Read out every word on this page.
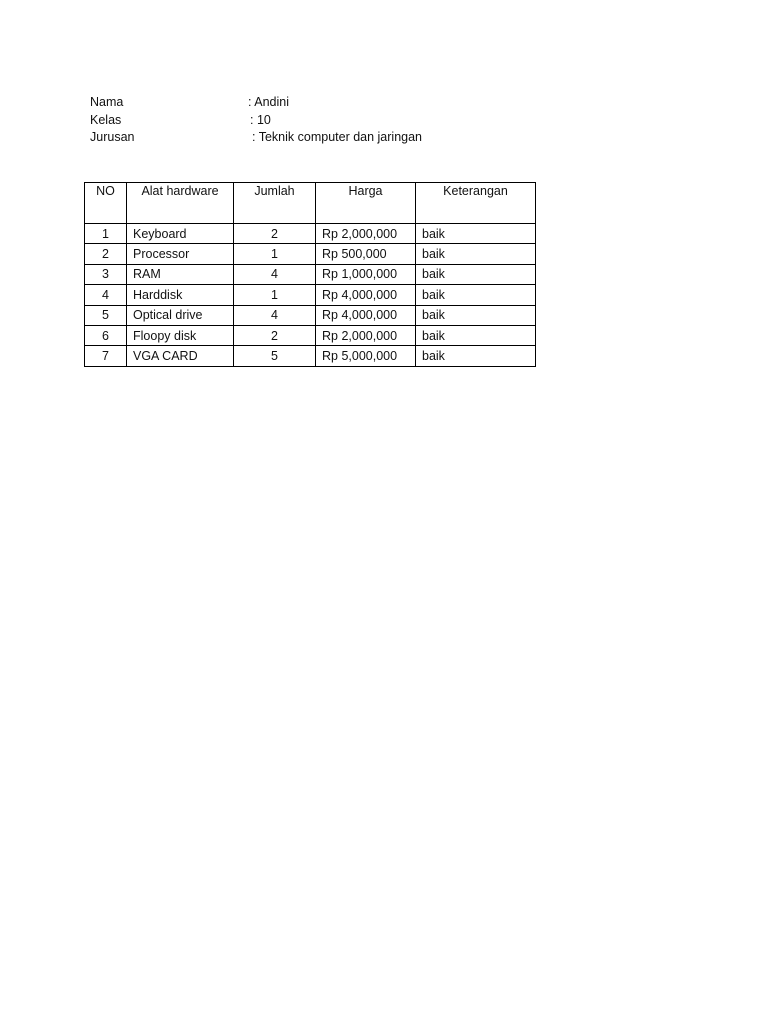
Nama	: Andini
Kelas	: 10
Jurusan	: Teknik computer dan jaringan
NO	Alat hardware	Jumlah	Harga	Keterangan
1	Keyboard	2	Rp 2,000,000	baik
2	Processor	1	Rp 500,000	baik
3	RAM	4	Rp 1,000,000	baik
4	Harddisk	1	Rp 4,000,000	baik
5	Optical drive	4	Rp 4,000,000	baik
6	Floopy disk	2	Rp 2,000,000	baik
7	VGA CARD	5	Rp 5,000,000	baik
